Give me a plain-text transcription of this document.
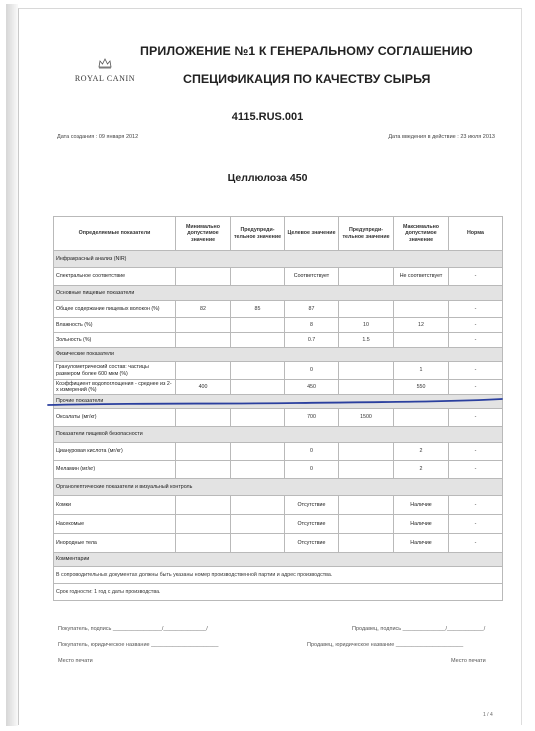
ROYAL CANIN
ПРИЛОЖЕНИЕ №1 К ГЕНЕРАЛЬНОМУ СОГЛАШЕНИЮ
СПЕЦИФИКАЦИЯ ПО КАЧЕСТВУ СЫРЬЯ
4115.RUS.001
Дата создания : 09 января 2012	Дата введения в действие : 23 июля 2013
Целлюлоза 450
Определяемые показатели	Минимально допустимое значение	Предупреди-тельное значение	Целевое значение	Предупреди-тельное значение	Максимально допустимое значение	Норма
Инфракрасный анализ (NIR)						
Спектральное соответствие			Соответствует		Не соответствует	-
Основные пищевые показатели						
Общее содержание пищевых волокон (%)	82	85	87			-
Влажность (%)			8	10	12	-
Зольность (%)			0.7	1.5		-
Физические показатели						
Гранулометрический состав: частицы размером более 600 мкм (%)			0		1	-
Коэффициент водопоглощения - среднее из 2-х измерений (%)	400		450		550	-
Прочие показатели						
Оксалаты (мг/кг)			700	1500		-
Показатели пищевой безопасности						
Циануровая кислота (мг/кг)			0		2	-
Меламин (мг/кг)			0		2	-
Органолептические показатели и визуальный контроль						
Комки			Отсутствие		Наличие	-
Насекомые			Отсутствие		Наличие	-
Инородные тела			Отсутствие		Наличие	-
Комментарии						
В сопроводительных документах должны быть указаны номер производственной партии и адрес производства.						
Срок годности: 1 год с даты производства.						
Покупатель, подпись ________________/______________/	Продавец, подпись ______________/____________/
Покупатель, юридическое название ______________________	Продавец, юридическое название ______________________
Место печати	Место печати
1 / 4
